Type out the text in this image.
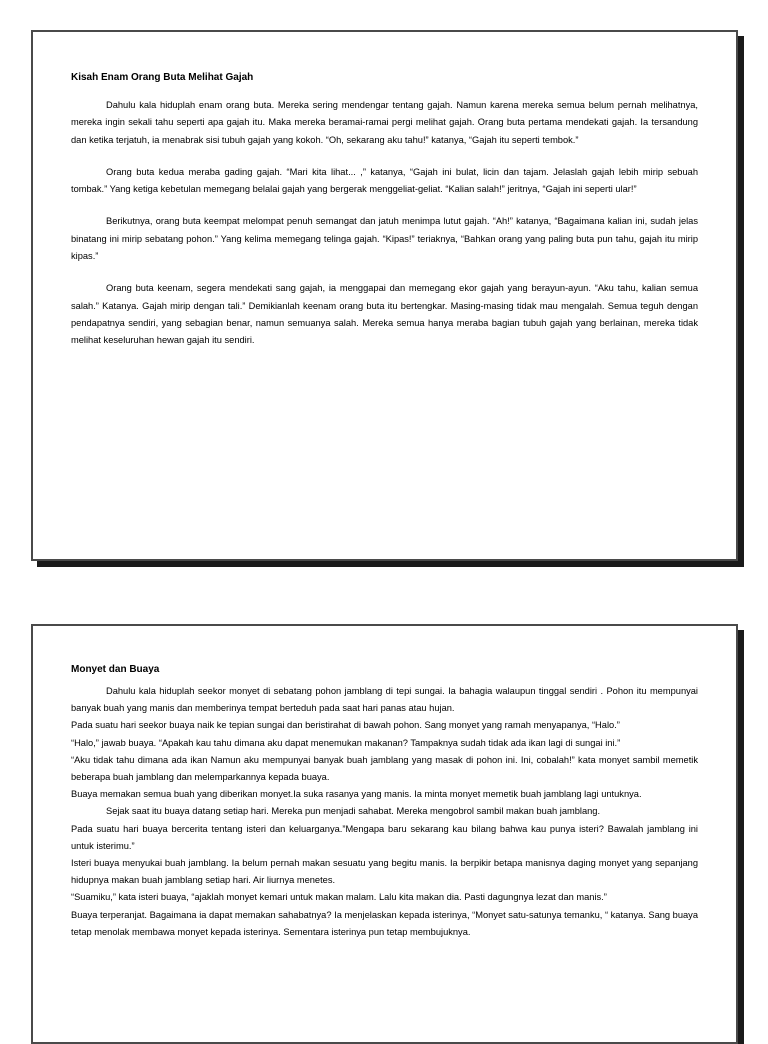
Kisah Enam Orang Buta Melihat Gajah

Dahulu kala hiduplah enam orang buta. Mereka sering mendengar tentang gajah. Namun karena mereka semua belum pernah melihatnya, mereka ingin sekali tahu seperti apa gajah itu. Maka mereka beramai-ramai pergi melihat gajah. Orang buta pertama mendekati gajah. Ia tersandung dan ketika terjatuh, ia menabrak sisi tubuh gajah yang kokoh. “Oh, sekarang aku tahu!” katanya, “Gajah itu seperti tembok.”

Orang buta kedua meraba gading gajah. “Mari kita lihat... ,” katanya, “Gajah ini bulat, licin dan tajam. Jelaslah gajah lebih mirip sebuah tombak.” Yang ketiga kebetulan memegang belalai gajah yang bergerak menggeliat-geliat. “Kalian salah!” jeritnya, “Gajah ini seperti ular!”

Berikutnya, orang buta keempat melompat penuh semangat dan jatuh menimpa lutut gajah. “Ah!” katanya, “Bagaimana kalian ini, sudah jelas binatang ini mirip sebatang pohon.” Yang kelima memegang telinga gajah. “Kipas!” teriaknya, “Bahkan orang yang paling buta pun tahu, gajah itu mirip kipas.”

Orang buta keenam, segera mendekati sang gajah, ia menggapai dan memegang ekor gajah yang berayun-ayun. “Aku tahu, kalian semua salah.” Katanya. Gajah mirip dengan tali.” Demikianlah keenam orang buta itu bertengkar. Masing-masing tidak mau mengalah. Semua teguh dengan pendapatnya sendiri, yang sebagian benar, namun semuanya salah. Mereka semua hanya meraba bagian tubuh gajah yang berlainan, mereka tidak melihat keseluruhan hewan gajah itu sendiri.

Monyet dan Buaya

Dahulu kala hiduplah seekor monyet di sebatang pohon jamblang di tepi sungai. Ia bahagia walaupun tinggal sendiri . Pohon itu mempunyai banyak buah yang manis dan memberinya tempat berteduh pada saat hari panas atau hujan.

Pada suatu hari seekor buaya naik ke tepian sungai dan beristirahat di bawah pohon. Sang monyet yang ramah menyapanya, “Halo.”

“Halo,” jawab buaya. “Apakah kau tahu dimana aku dapat menemukan makanan? Tampaknya sudah tidak ada ikan lagi di sungai ini.”

“Aku tidak tahu dimana ada ikan Namun aku mempunyai banyak buah jamblang yang masak di pohon ini. Ini, cobalah!” kata monyet sambil memetik beberapa buah jamblang dan melemparkannya kepada buaya.

Buaya memakan semua buah yang diberikan monyet.Ia suka rasanya yang manis. Ia minta monyet memetik buah jamblang lagi untuknya.

Sejak saat itu buaya datang setiap hari. Mereka pun menjadi sahabat. Mereka mengobrol sambil makan buah jamblang.

Pada suatu hari buaya bercerita tentang isteri dan keluarganya.”Mengapa baru sekarang kau bilang bahwa kau punya isteri? Bawalah jamblang ini untuk isterimu.”

Isteri buaya menyukai buah jamblang. Ia belum pernah makan sesuatu yang begitu manis. Ia berpikir betapa manisnya daging monyet yang sepanjang hidupnya makan buah jamblang setiap hari. Air liurnya menetes.

“Suamiku,” kata isteri buaya, “ajaklah monyet kemari untuk makan malam. Lalu kita makan dia. Pasti dagungnya lezat dan manis.”

Buaya terperanjat. Bagaimana ia dapat memakan sahabatnya? Ia menjelaskan kepada isterinya, “Monyet satu-satunya temanku, “ katanya. Sang buaya tetap menolak membawa monyet kepada isterinya. Sementara isterinya pun tetap membujuknya.
